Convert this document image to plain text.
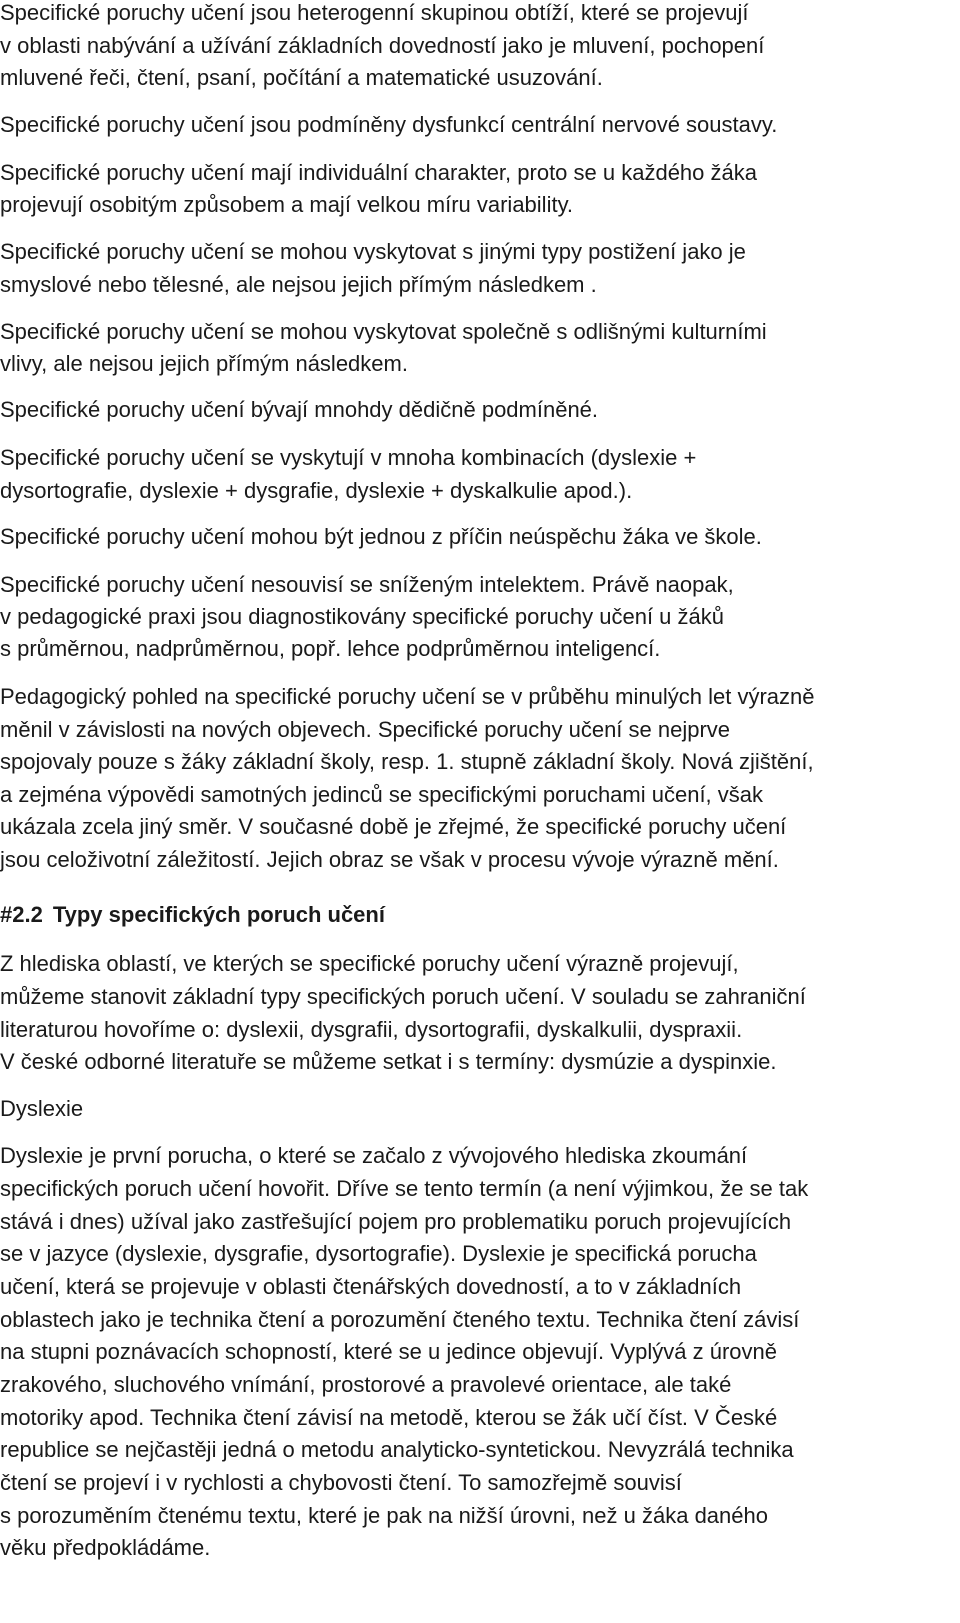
Specifické poruchy učení jsou heterogenní skupinou obtíží, které se projevují

v oblasti nabývání a užívání základních dovedností jako je mluvení, pochopení

mluvené řeči, čtení, psaní, počítání a matematické usuzování.

Specifické poruchy učení jsou podmíněny dysfunkcí centrální nervové soustavy.

Specifické poruchy učení mají individuální charakter, proto se u každého žáka

projevují osobitým způsobem a mají velkou míru variability.

Specifické poruchy učení se mohou vyskytovat s jinými typy postižení jako je

smyslové nebo tělesné, ale nejsou jejich přímým následkem .

Specifické poruchy učení se mohou vyskytovat společně s odlišnými kulturními

vlivy, ale nejsou jejich přímým následkem.

Specifické poruchy učení bývají mnohdy dědičně podmíněné.

Specifické poruchy učení se vyskytují v mnoha kombinacích (dyslexie +

dysortografie, dyslexie + dysgrafie, dyslexie + dyskalkulie apod.).

Specifické poruchy učení mohou být jednou z příčin neúspěchu žáka ve škole.

Specifické poruchy učení nesouvisí se sníženým intelektem. Právě naopak,

v pedagogické praxi jsou diagnostikovány specifické poruchy učení u žáků

s průměrnou, nadprůměrnou, popř. lehce podprůměrnou inteligencí.

Pedagogický pohled na specifické poruchy učení se v průběhu minulých let výrazně

měnil v závislosti na nových objevech. Specifické poruchy učení se nejprve

spojovaly pouze s žáky základní školy, resp. 1. stupně základní školy. Nová zjištění,

a zejména výpovědi samotných jedinců se specifickými poruchami učení, však

ukázala zcela jiný směr. V současné době je zřejmé, že specifické poruchy učení

jsou celoživotní záležitostí. Jejich obraz se však v procesu vývoje výrazně mění.

#2.2 Typy specifických poruch učení

Z hlediska oblastí, ve kterých se specifické poruchy učení výrazně projevují,

můžeme stanovit základní typy specifických poruch učení. V souladu se zahraniční

literaturou hovoříme o: dyslexii, dysgrafii, dysortografii, dyskalkulii, dyspraxii.

V české odborné literatuře se můžeme setkat i s termíny: dysmúzie a dyspinxie.

Dyslexie

Dyslexie je první porucha, o které se začalo z vývojového hlediska zkoumání

specifických poruch učení hovořit. Dříve se tento termín (a není výjimkou, že se tak

stává i dnes) užíval jako zastřešující pojem pro problematiku poruch projevujících

se v jazyce (dyslexie, dysgrafie, dysortografie). Dyslexie je specifická porucha

učení, která se projevuje v oblasti čtenářských dovedností, a to v základních

oblastech jako je technika čtení a porozumění čteného textu. Technika čtení závisí

na stupni poznávacích schopností, které se u jedince objevují. Vyplývá z úrovně

zrakového, sluchového vnímání, prostorové a pravolevé orientace, ale také

motoriky apod. Technika čtení závisí na metodě, kterou se žák učí číst. V České

republice se nejčastěji jedná o metodu analyticko-syntetickou. Nevyzrálá technika

čtení se projeví i v rychlosti a chybovosti čtení. To samozřejmě souvisí

s porozuměním čtenému textu, které je pak na nižší úrovni, než u žáka daného

věku předpokládáme.
